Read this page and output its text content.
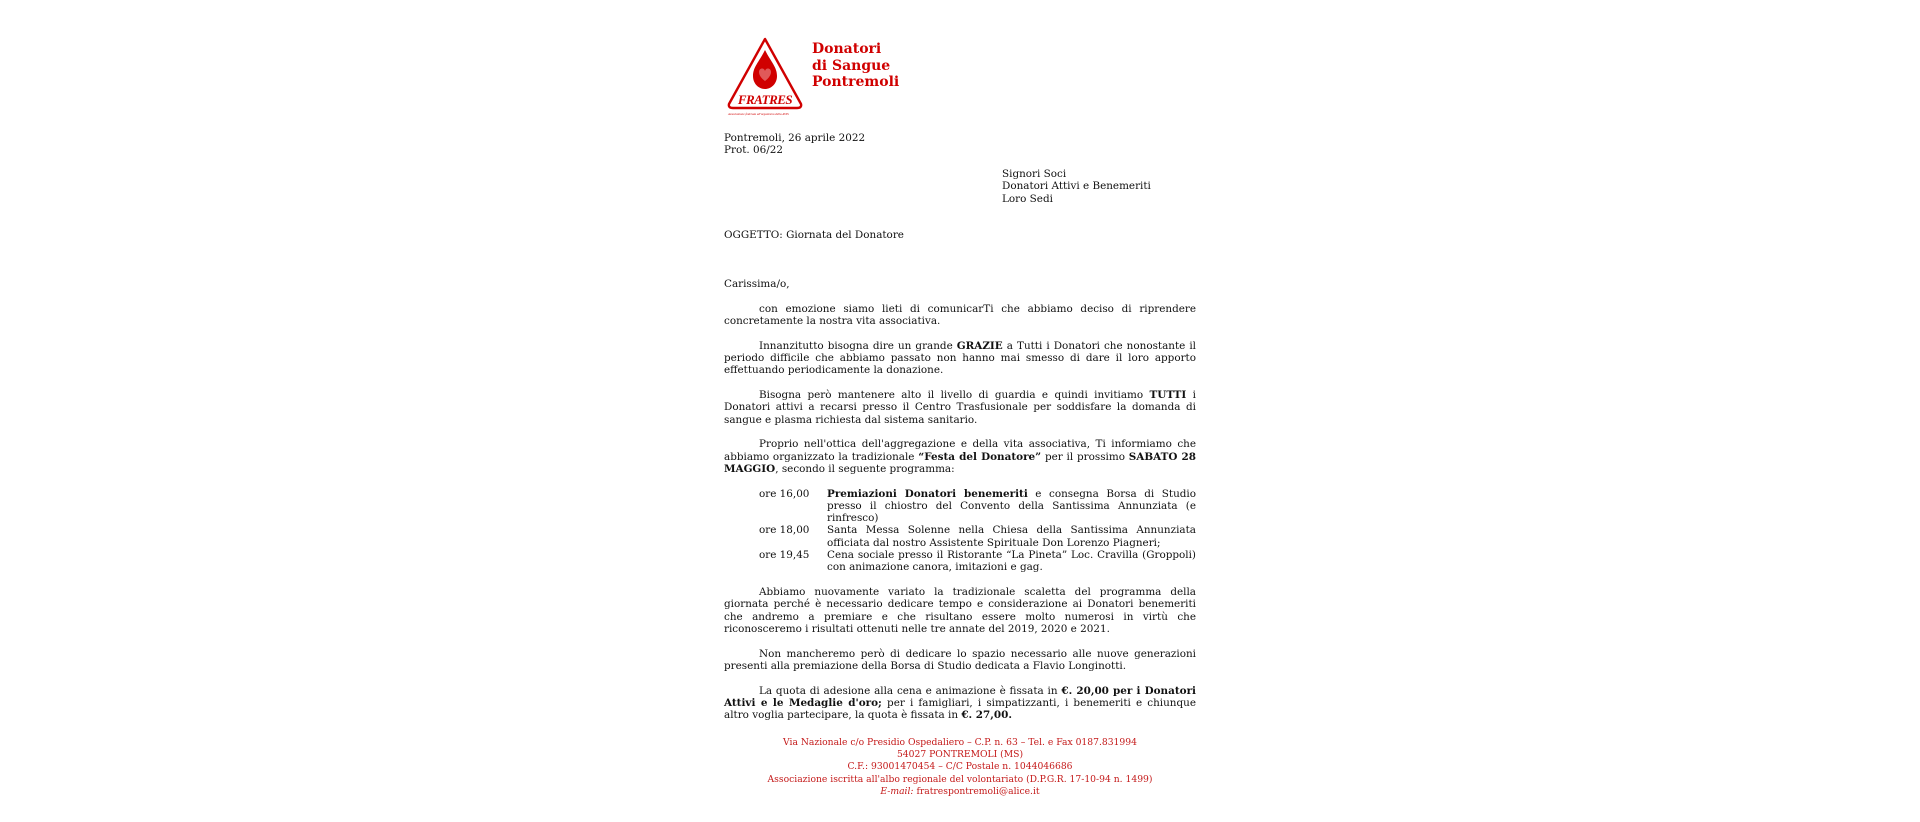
FRATRES
Associazione federata all'organismo della AVIS
Donatori
di Sangue
Pontremoli
Pontremoli, 26 aprile 2022
Prot. 06/22
Signori Soci
Donatori Attivi e Benemeriti
Loro Sedi
OGGETTO: Giornata del Donatore

Carissima/o,

con emozione siamo lieti di comunicarTi che abbiamo deciso di riprendere concretamente la nostra vita associativa.

Innanzitutto bisogna dire un grande GRAZIE a Tutti i Donatori che nonostante il periodo difficile che abbiamo passato non hanno mai smesso di dare il loro apporto effettuando periodicamente la donazione.

Bisogna però mantenere alto il livello di guardia e quindi invitiamo TUTTI i Donatori attivi a recarsi presso il Centro Trasfusionale per soddisfare la domanda di sangue e plasma richiesta dal sistema sanitario.

Proprio nell'ottica dell'aggregazione e della vita associativa, Ti informiamo che abbiamo organizzato la tradizionale “Festa del Donatore” per il prossimo SABATO 28 MAGGIO, secondo il seguente programma:

ore 16,00	Premiazioni Donatori benemeriti e consegna Borsa di Studio presso il chiostro del Convento della Santissima Annunziata (e rinfresco)
ore 18,00	Santa Messa Solenne nella Chiesa della Santissima Annunziata officiata dal nostro Assistente Spirituale Don Lorenzo Piagneri;
ore 19,45	Cena sociale presso il Ristorante “La Pineta” Loc. Cravilla (Groppoli) con animazione canora, imitazioni e gag.

Abbiamo nuovamente variato la tradizionale scaletta del programma della giornata perché è necessario dedicare tempo e considerazione ai Donatori benemeriti che andremo a premiare e che risultano essere molto numerosi in virtù che riconosceremo i risultati ottenuti nelle tre annate del 2019, 2020 e 2021.

Non mancheremo però di dedicare lo spazio necessario alle nuove generazioni presenti alla premiazione della Borsa di Studio dedicata a Flavio Longinotti.

La quota di adesione alla cena e animazione è fissata in €. 20,00 per i Donatori Attivi e le Medaglie d'oro; per i famigliari, i simpatizzanti, i benemeriti e chiunque altro voglia partecipare, la quota è fissata in €. 27,00.

Via Nazionale c/o Presidio Ospedaliero – C.P. n. 63 – Tel. e Fax 0187.831994
54027 PONTREMOLI (MS)
C.F.: 93001470454 – C/C Postale n. 1044046686
Associazione iscritta all'albo regionale del volontariato (D.P.G.R. 17-10-94 n. 1499)
E-mail: fratrespontremoli@alice.it
